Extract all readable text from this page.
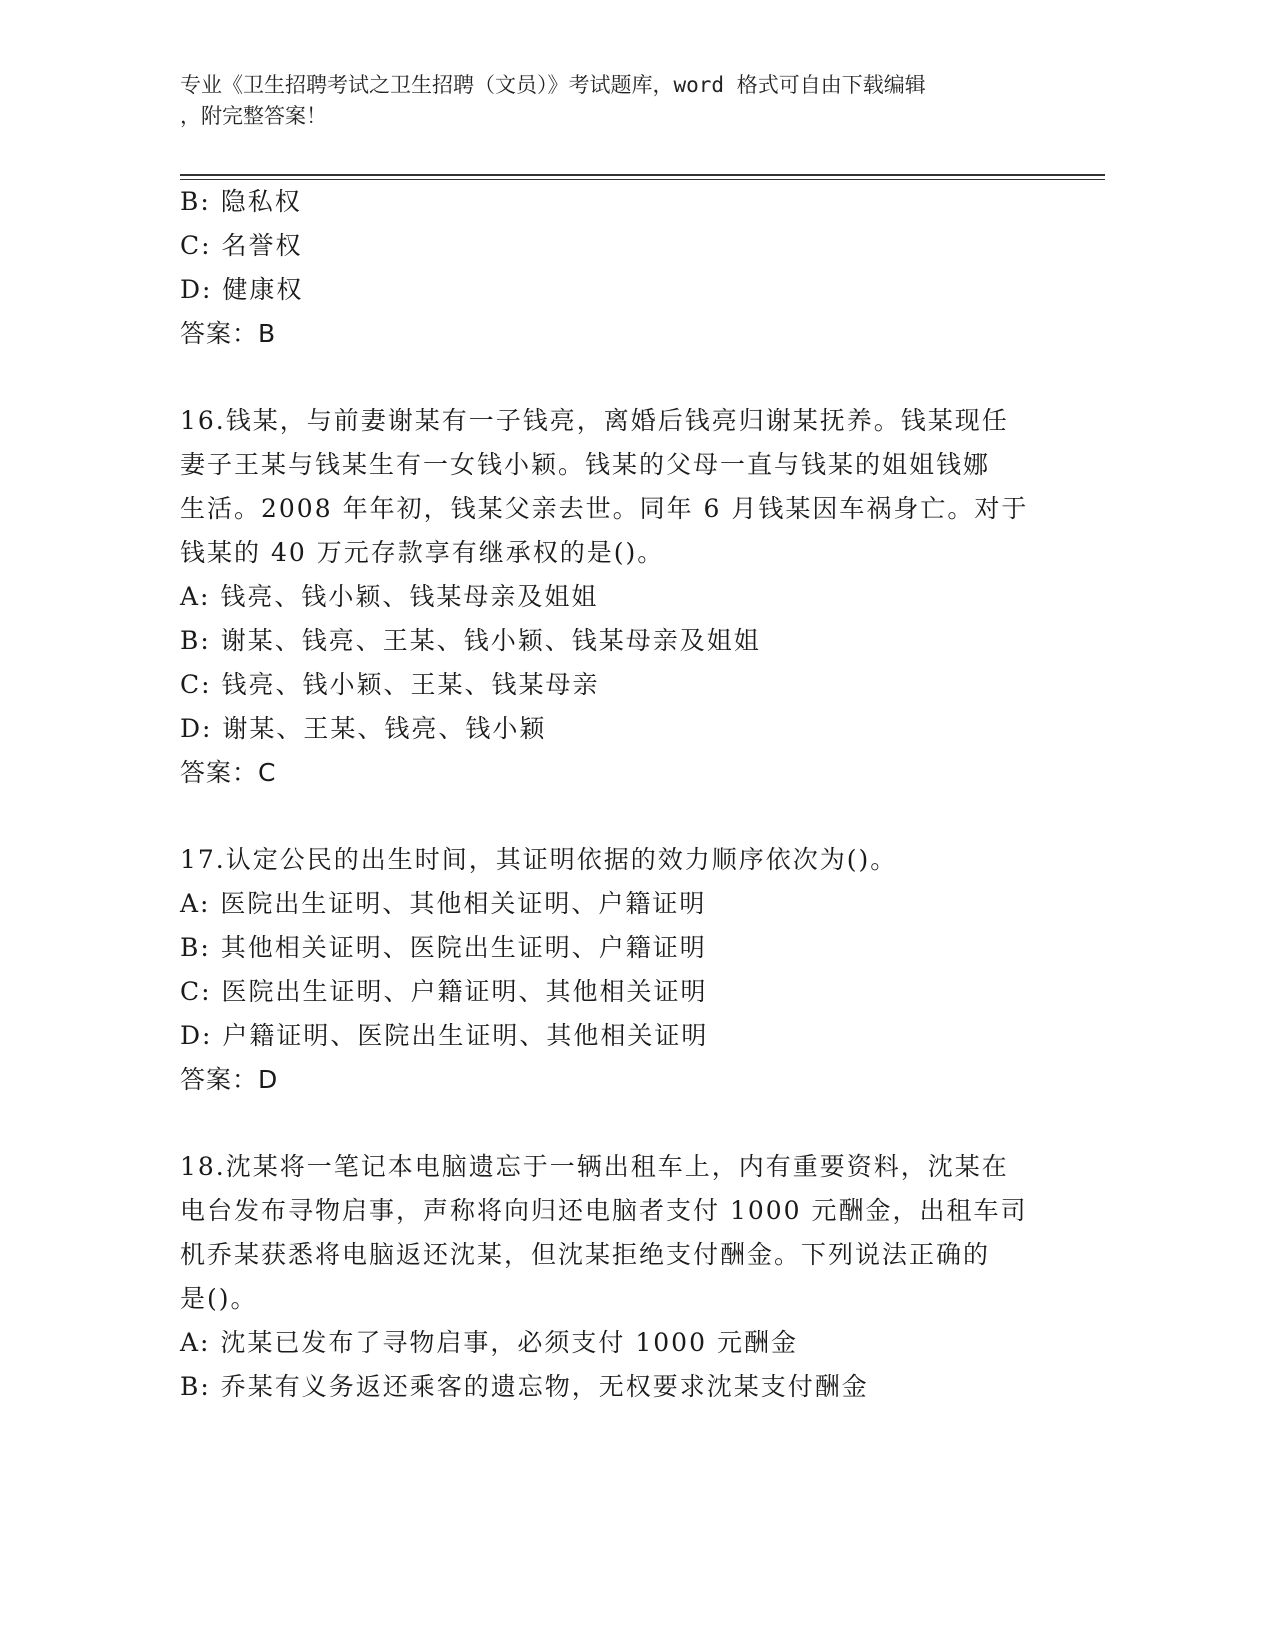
专业《卫生招聘考试之卫生招聘（文员）》考试题库，word 格式可自由下载编辑
，附完整答案！
B: 隐私权
C: 名誉权
D: 健康权
答案：B
16.钱某，与前妻谢某有一子钱亮，离婚后钱亮归谢某抚养。钱某现任
妻子王某与钱某生有一女钱小颖。钱某的父母一直与钱某的姐姐钱娜
生活。2008 年年初，钱某父亲去世。同年 6 月钱某因车祸身亡。对于
钱某的 40 万元存款享有继承权的是()。
A: 钱亮、钱小颖、钱某母亲及姐姐
B: 谢某、钱亮、王某、钱小颖、钱某母亲及姐姐
C: 钱亮、钱小颖、王某、钱某母亲
D: 谢某、王某、钱亮、钱小颖
答案：C
17.认定公民的出生时间，其证明依据的效力顺序依次为()。
A: 医院出生证明、其他相关证明、户籍证明
B: 其他相关证明、医院出生证明、户籍证明
C: 医院出生证明、户籍证明、其他相关证明
D: 户籍证明、医院出生证明、其他相关证明
答案：D
18.沈某将一笔记本电脑遗忘于一辆出租车上，内有重要资料，沈某在
电台发布寻物启事，声称将向归还电脑者支付 1000 元酬金，出租车司
机乔某获悉将电脑返还沈某，但沈某拒绝支付酬金。下列说法正确的
是()。
A: 沈某已发布了寻物启事，必须支付 1000 元酬金
B: 乔某有义务返还乘客的遗忘物，无权要求沈某支付酬金
